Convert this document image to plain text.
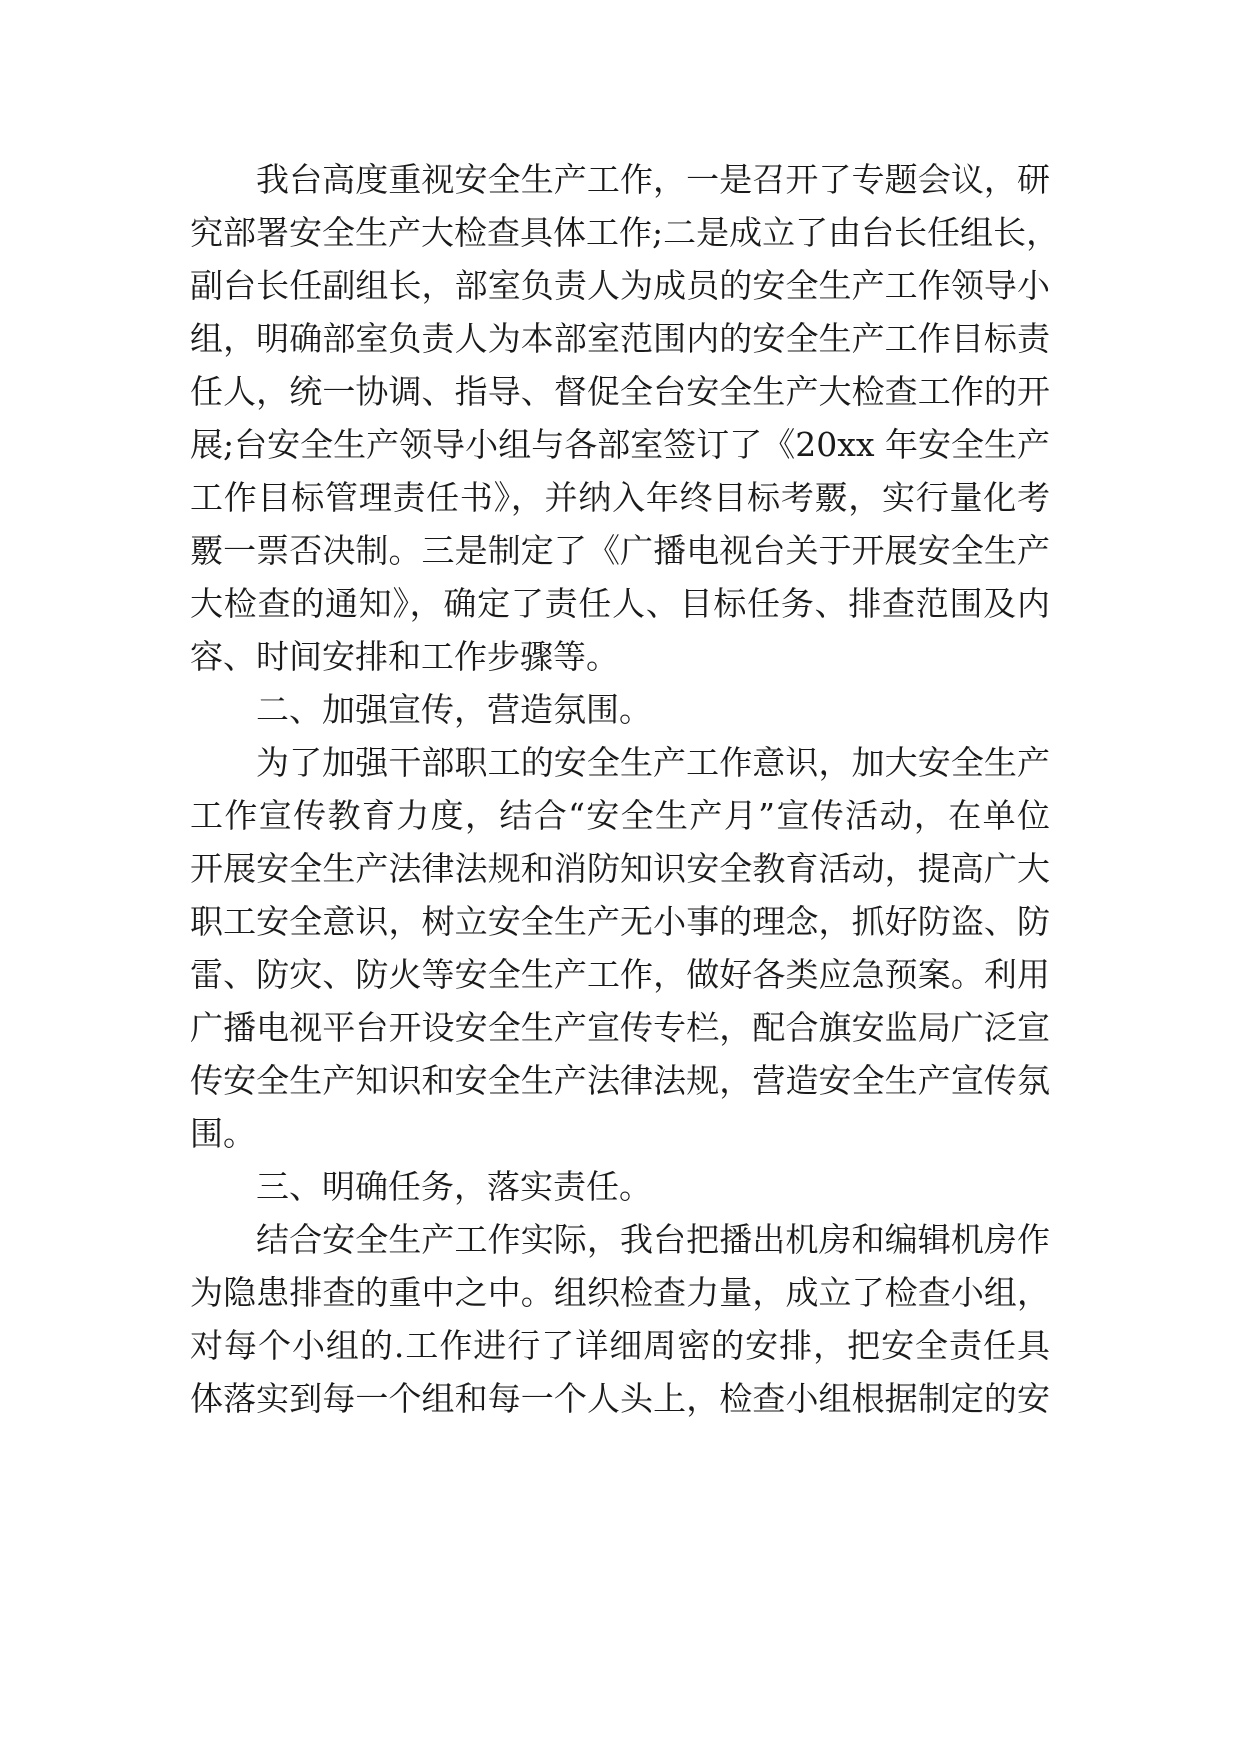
我台高度重视安全生产工作，一是召开了专题会议，研
究部署安全生产大检查具体工作;二是成立了由台长任组长，
副台长任副组长，部室负责人为成员的安全生产工作领导小
组，明确部室负责人为本部室范围内的安全生产工作目标责
任人，统一协调、指导、督促全台安全生产大检查工作的开
展;台安全生产领导小组与各部室签订了《20xx 年安全生产
工作目标管理责任书》，并纳入年终目标考覈，实行量化考
覈一票否决制。三是制定了《广播电视台关于开展安全生产
大检查的通知》，确定了责任人、目标任务、排查范围及内
容、时间安排和工作步骤等。
二、加强宣传，营造氛围。
为了加强干部职工的安全生产工作意识，加大安全生产
工作宣传教育力度，结合“安全生产月”宣传活动，在单位
开展安全生产法律法规和消防知识安全教育活动，提高广大
职工安全意识，树立安全生产无小事的理念，抓好防盗、防
雷、防灾、防火等安全生产工作，做好各类应急预案。利用
广播电视平台开设安全生产宣传专栏，配合旗安监局广泛宣
传安全生产知识和安全生产法律法规，营造安全生产宣传氛
围。
三、明确任务，落实责任。
结合安全生产工作实际，我台把播出机房和编辑机房作
为隐患排查的重中之中。组织检查力量，成立了检查小组，
对每个小组的.工作进行了详细周密的安排，把安全责任具
体落实到每一个组和每一个人头上，检查小组根据制定的安
